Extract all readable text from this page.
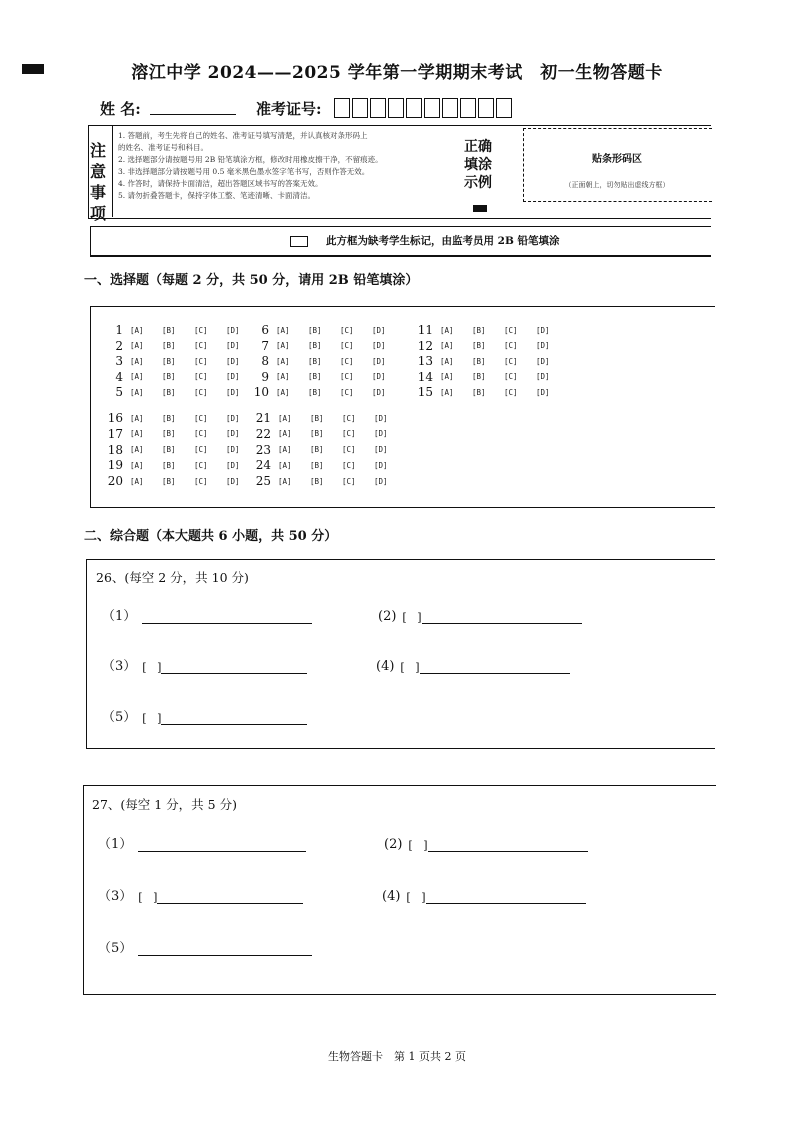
溶江中学 2024——2025 学年第一学期期末考试　初一生物答题卡
姓 名:	准考证号:
注意事项
1. 答题前，考生先将自己的姓名、准考证号填写清楚，并认真核对条形码上
的姓名、准考证号和科目。
2. 选择题部分请按题号用 2B 铅笔填涂方框，修改时用橡皮擦干净，不留痕迹。
3. 非选择题部分请按题号用 0.5 毫米黑色墨水签字笔书写，否则作答无效。
4. 作答时，请保持卡面清洁，超出答题区域书写的答案无效。
5. 请勿折叠答题卡，保持字体工整、笔迹清晰、卡面清洁。
正确填涂示例
贴条形码区
（正面朝上，切勿贴出虚线方框）
此方框为缺考学生标记，由监考员用 2B 铅笔填涂
一、选择题（每题 2 分，共 50 分，请用 2B 铅笔填涂）
1 [A]	[B]	[C]	[D]
2 [A]	[B]	[C]	[D]
3 [A]	[B]	[C]	[D]
4 [A]	[B]	[C]	[D]
5 [A]	[B]	[C]	[D]
6 [A]	[B]	[C]	[D]
7 [A]	[B]	[C]	[D]
8 [A]	[B]	[C]	[D]
9 [A]	[B]	[C]	[D]
10 [A]	[B]	[C]	[D]
11 [A]	[B]	[C]	[D]
12 [A]	[B]	[C]	[D]
13 [A]	[B]	[C]	[D]
14 [A]	[B]	[C]	[D]
15 [A]	[B]	[C]	[D]
16 [A]	[B]	[C]	[D]
17 [A]	[B]	[C]	[D]
18 [A]	[B]	[C]	[D]
19 [A]	[B]	[C]	[D]
20 [A]	[B]	[C]	[D]
21 [A]	[B]	[C]	[D]
22 [A]	[B]	[C]	[D]
23 [A]	[B]	[C]	[D]
24 [A]	[B]	[C]	[D]
25 [A]	[B]	[C]	[D]
二、综合题（本大题共 6 小题，共 50 分）
26、(每空 2 分，共 10 分)
（1）	(2) [   ]
（3） [   ]	(4) [   ]
（5） [   ]
27、(每空 1 分，共 5 分)
（1）	(2) [   ]
（3） [   ]	(4) [   ]
（5）
生物答题卡　第 1 页共 2 页
